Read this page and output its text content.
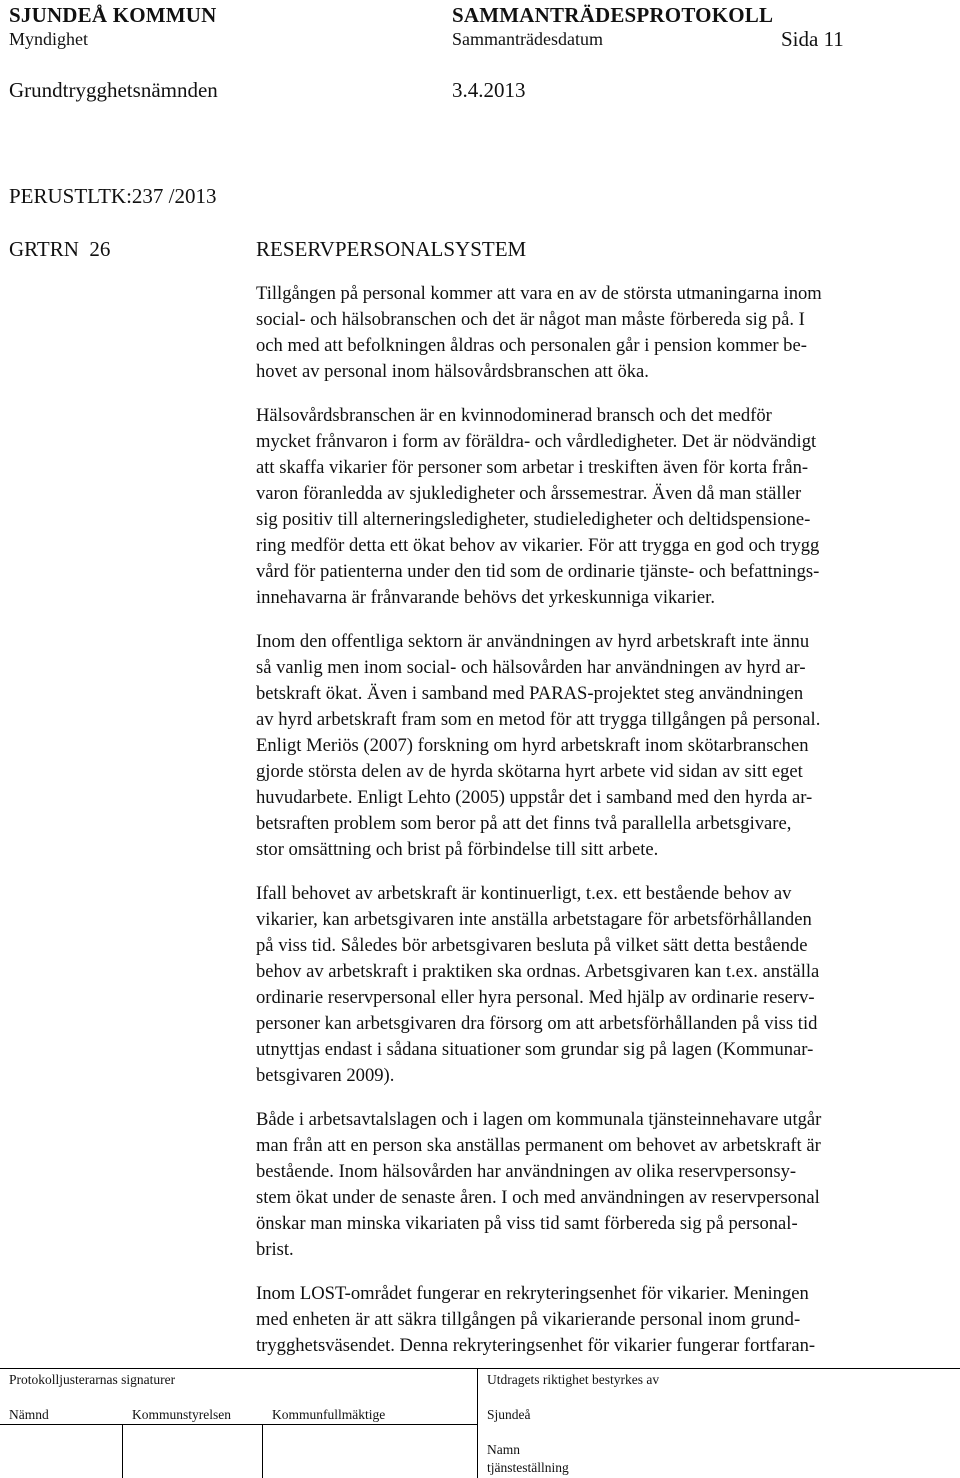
SJUNDEÅ KOMMUN	SAMMANTRÄDESPROTOKOLL
Myndighet	Sammanträdesdatum	Sida 11
Grundtrygghetsnämnden	3.4.2013
PERUSTLTK:237 /2013
GRTRN  26	RESERVPERSONALSYSTEM

Tillgången på personal kommer att vara en av de största utmaningarna inom
social- och hälsobranschen och det är något man måste förbereda sig på. I
och med att befolkningen åldras och personalen går i pension kommer be-
hovet av personal inom hälsovårdsbranschen att öka.

Hälsovårdsbranschen är en kvinnodominerad bransch och det medför
mycket frånvaron i form av föräldra- och vårdledigheter. Det är nödvändigt
att skaffa vikarier för personer som arbetar i treskiften även för korta från-
varon föranledda av sjukledigheter och årssemestrar. Även då man ställer
sig positiv till alterneringsledigheter, studieledigheter och deltidspensione-
ring medför detta ett ökat behov av vikarier. För att trygga en god och trygg
vård för patienterna under den tid som de ordinarie tjänste- och befattnings-
innehavarna är frånvarande behövs det yrkeskunniga vikarier.

Inom den offentliga sektorn är användningen av hyrd arbetskraft inte ännu
så vanlig men inom social- och hälsovården har användningen av hyrd ar-
betskraft ökat. Även i samband med PARAS-projektet steg användningen
av hyrd arbetskraft fram som en metod för att trygga tillgången på personal.
Enligt Meriös (2007) forskning om hyrd arbetskraft inom skötarbranschen
gjorde största delen av de hyrda skötarna hyrt arbete vid sidan av sitt eget
huvudarbete. Enligt Lehto (2005) uppstår det i samband med den hyrda ar-
betsraften problem som beror på att det finns två parallella arbetsgivare,
stor omsättning och brist på förbindelse till sitt arbete.

Ifall behovet av arbetskraft är kontinuerligt, t.ex. ett bestående behov av
vikarier, kan arbetsgivaren inte anställa arbetstagare för arbetsförhållanden
på viss tid. Således bör arbetsgivaren besluta på vilket sätt detta bestående
behov av arbetskraft i praktiken ska ordnas. Arbetsgivaren kan t.ex. anställa
ordinarie reservpersonal eller hyra personal. Med hjälp av ordinarie reserv-
personer kan arbetsgivaren dra försorg om att arbetsförhållanden på viss tid
utnyttjas endast i sådana situationer som grundar sig på lagen (Kommunar-
betsgivaren 2009).

Både i arbetsavtalslagen och i lagen om kommunala tjänsteinnehavare utgår
man från att en person ska anställas permanent om behovet av arbetskraft är
bestående. Inom hälsovården har användningen av olika reservpersonsy-
stem ökat under de senaste åren. I och med användningen av reservpersonal
önskar man minska vikariaten på viss tid samt förbereda sig på personal-
brist.

Inom LOST-området fungerar en rekryteringsenhet för vikarier. Meningen
med enheten är att säkra tillgången på vikarierande personal inom grund-
trygghetsväsendet. Denna rekryteringsenhet för vikarier fungerar fortfaran-

Protokolljusterarnas signaturer	Utdragets riktighet bestyrkes av
Nämnd	Kommunstyrelsen	Kommunfullmäktige	Sjundeå
Namn
tjänsteställning
